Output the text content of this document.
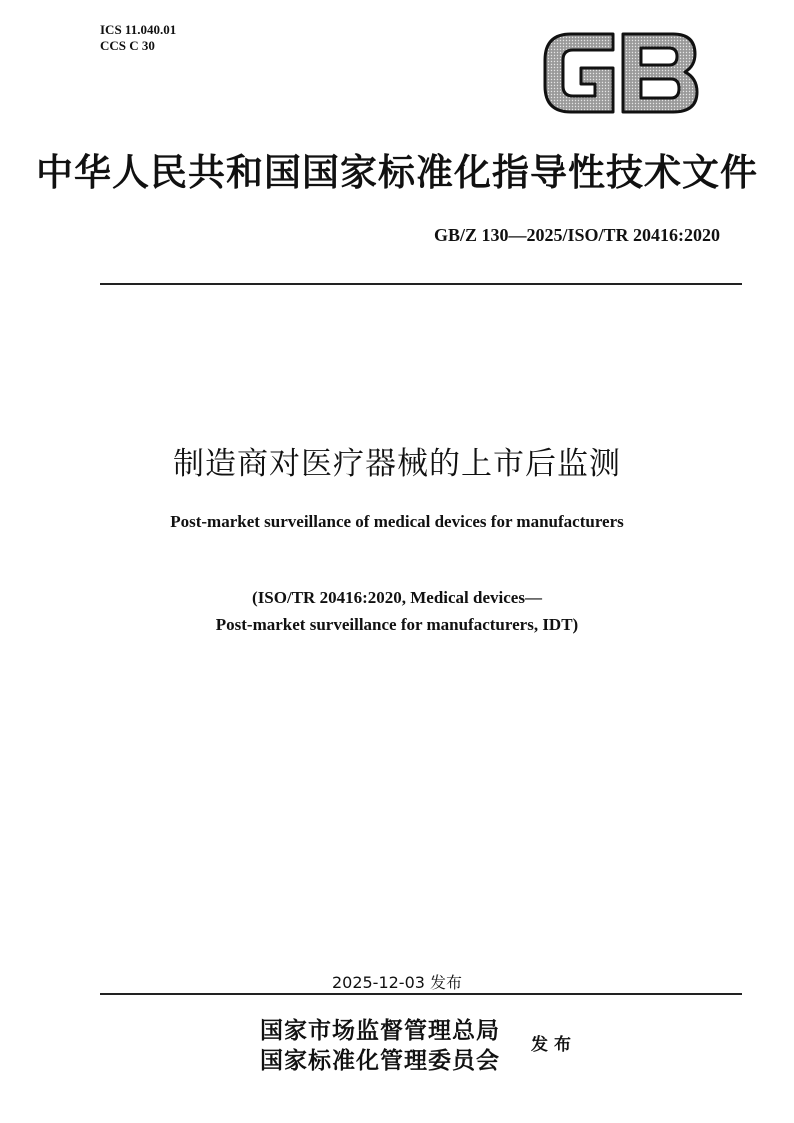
ICS 11.040.01
CCS C 30
中华人民共和国国家标准化指导性技术文件
GB/Z 130—2025/ISO/TR 20416:2020
制造商对医疗器械的上市后监测
Post-market surveillance of medical devices for manufacturers
(ISO/TR 20416:2020, Medical devices—
Post-market surveillance for manufacturers, IDT)
2025-12-03 发布
国家市场监督管理总局
国家标准化管理委员会
发布
